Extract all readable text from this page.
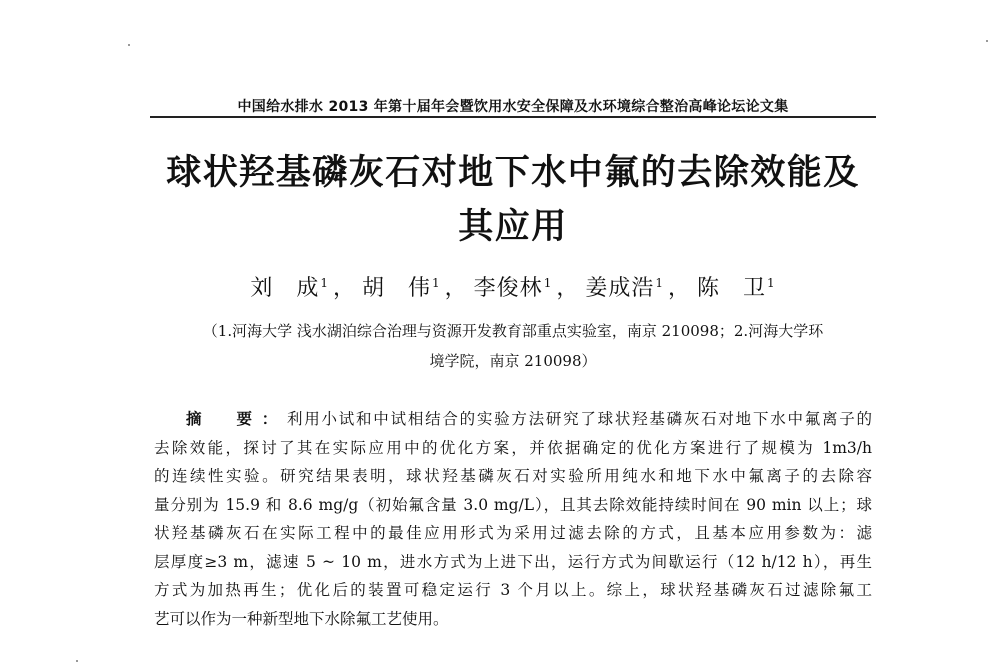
中国给水排水 2013 年第十届年会暨饮用水安全保障及水环境综合整治高峰论坛论文集
球状羟基磷灰石对地下水中氟的去除效能及
其应用
刘　成$^1$ ， 胡　伟$^1$ ， 李俊林$^1$ ， 姜成浩$^1$ ， 陈　卫$^1$
（1.河海大学 浅水湖泊综合治理与资源开发教育部重点实验室，南京 210098；2.河海大学环
境学院，南京 210098）
摘　要：利用小试和中试相结合的实验方法研究了球状羟基磷灰石对地下水中氟离子的
去除效能，探讨了其在实际应用中的优化方案，并依据确定的优化方案进行了规模为 1m3/h
的连续性实验。研究结果表明，球状羟基磷灰石对实验所用纯水和地下水中氟离子的去除容
量分别为 15.9 和 8.6 mg/g（初始氟含量 3.0 mg/L），且其去除效能持续时间在 90 min 以上；球
状羟基磷灰石在实际工程中的最佳应用形式为采用过滤去除的方式，且基本应用参数为：滤
层厚度≥3 m，滤速 5 ~ 10 m，进水方式为上进下出，运行方式为间歇运行（12 h/12 h），再生
方式为加热再生；优化后的装置可稳定运行 3 个月以上。综上，球状羟基磷灰石过滤除氟工
艺可以作为一种新型地下水除氟工艺使用。
